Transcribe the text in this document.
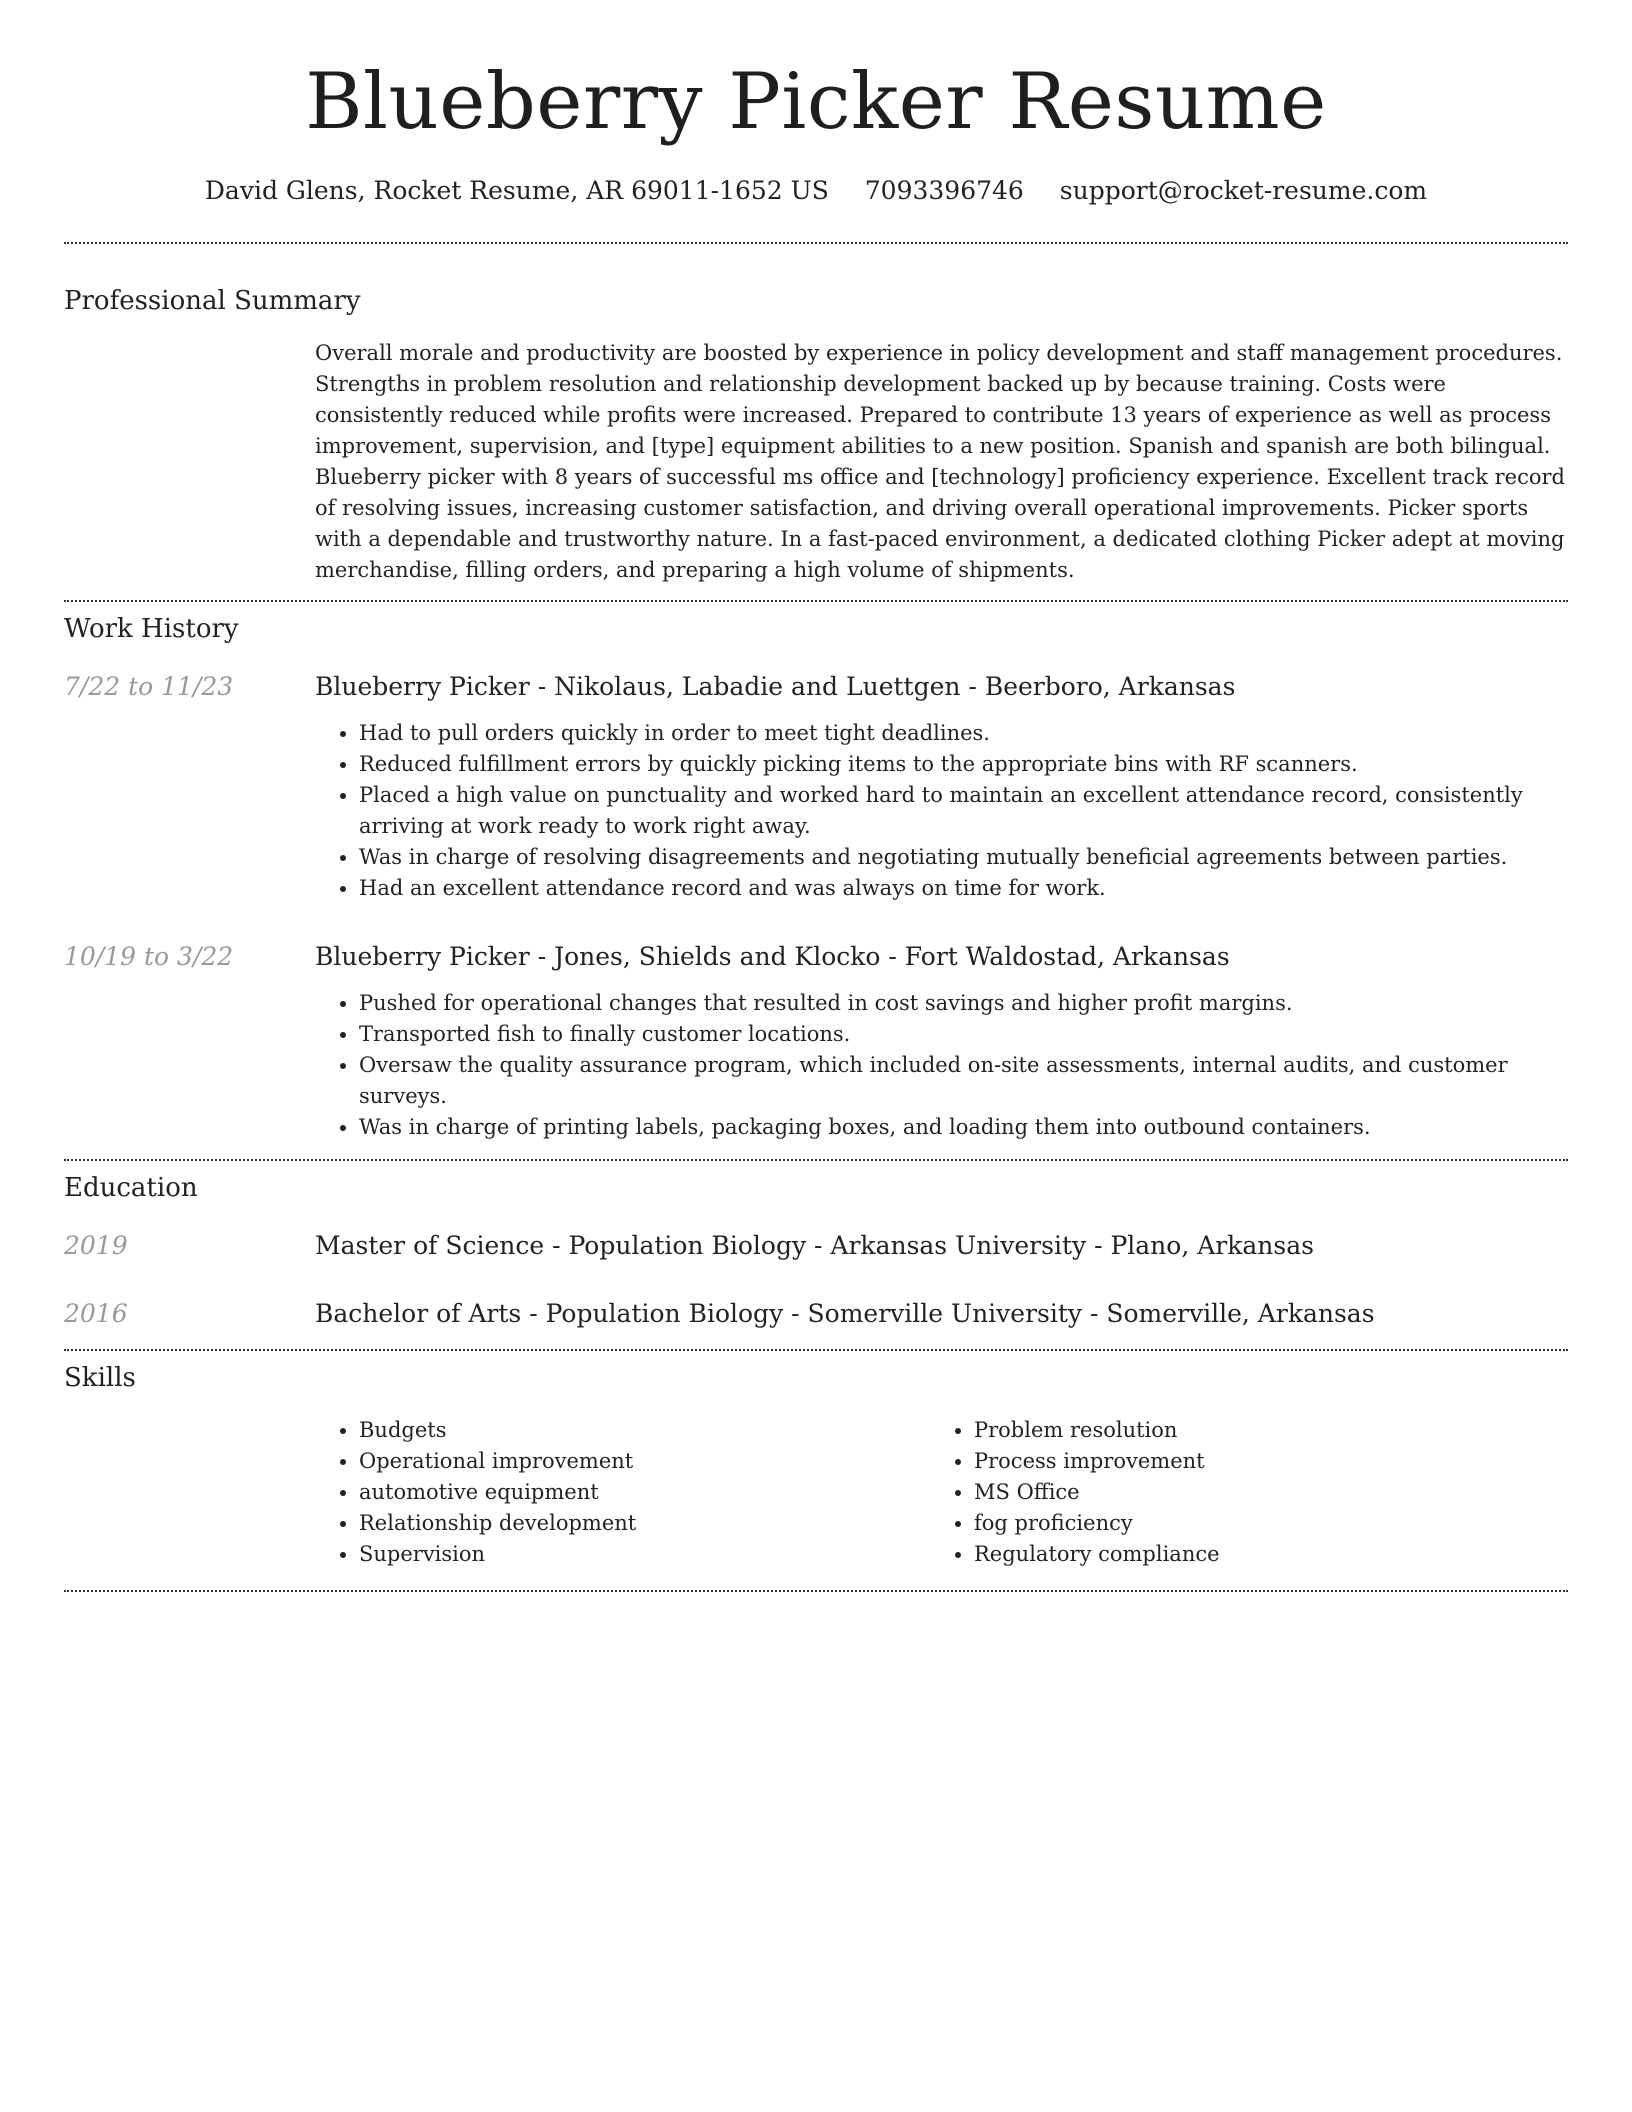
Blueberry Picker Resume
David Glens, Rocket Resume, AR 69011-1652 US 7093396746 support@rocket-resume.com
Professional Summary

Overall morale and productivity are boosted by experience in policy development and staff management procedures. Strengths in problem resolution and relationship development backed up by because training. Costs were consistently reduced while profits were increased. Prepared to contribute 13 years of experience as well as process improvement, supervision, and [type] equipment abilities to a new position. Spanish and spanish are both bilingual. Blueberry picker with 8 years of successful ms office and [technology] proficiency experience. Excellent track record of resolving issues, increasing customer satisfaction, and driving overall operational improvements. Picker sports with a dependable and trustworthy nature. In a fast-paced environment, a dedicated clothing Picker adept at moving merchandise, filling orders, and preparing a high volume of shipments.

Work History
7/22 to 11/23	Blueberry Picker - Nikolaus, Labadie and Luettgen - Beerboro, Arkansas
• Had to pull orders quickly in order to meet tight deadlines.
• Reduced fulfillment errors by quickly picking items to the appropriate bins with RF scanners.
• Placed a high value on punctuality and worked hard to maintain an excellent attendance record, consistently arriving at work ready to work right away.
• Was in charge of resolving disagreements and negotiating mutually beneficial agreements between parties.
• Had an excellent attendance record and was always on time for work.
10/19 to 3/22	Blueberry Picker - Jones, Shields and Klocko - Fort Waldostad, Arkansas
• Pushed for operational changes that resulted in cost savings and higher profit margins.
• Transported fish to finally customer locations.
• Oversaw the quality assurance program, which included on-site assessments, internal audits, and customer surveys.
• Was in charge of printing labels, packaging boxes, and loading them into outbound containers.
Education
2019	Master of Science - Population Biology - Arkansas University - Plano, Arkansas
2016	Bachelor of Arts - Population Biology - Somerville University - Somerville, Arkansas
Skills
• Budgets
• Operational improvement
• automotive equipment
• Relationship development
• Supervision
• Problem resolution
• Process improvement
• MS Office
• fog proficiency
• Regulatory compliance
